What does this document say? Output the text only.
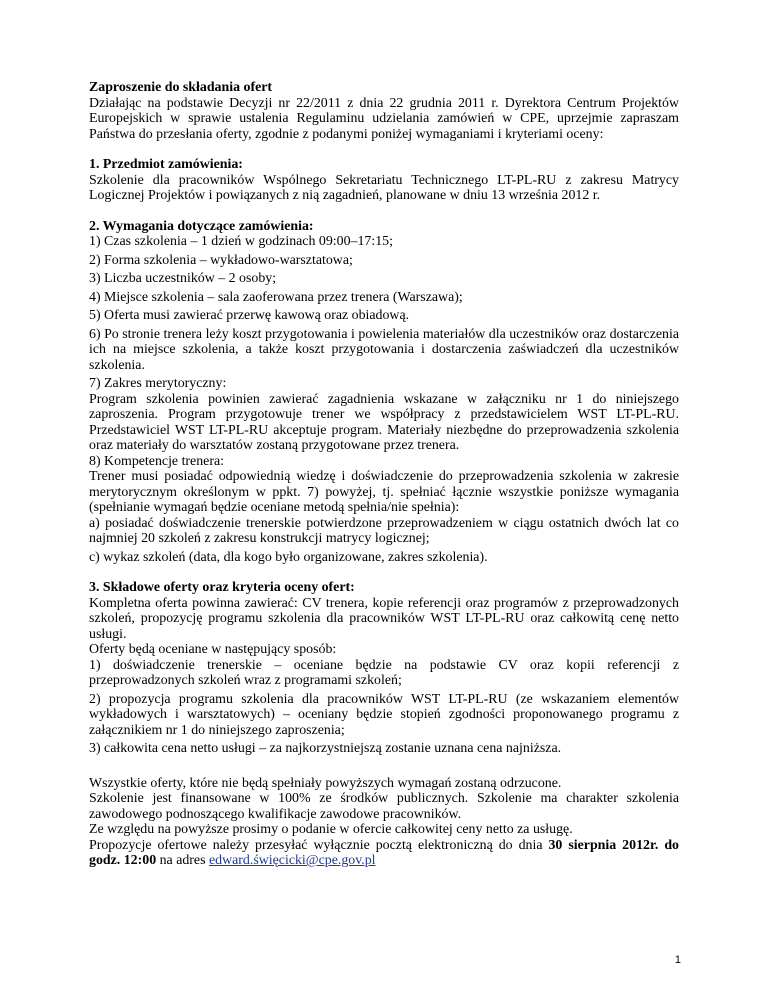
Zaproszenie do składania ofert

Działając na podstawie Decyzji nr 22/2011 z dnia 22 grudnia 2011 r. Dyrektora Centrum Projektów Europejskich w sprawie ustalenia Regulaminu udzielania zamówień w CPE, uprzejmie zapraszam Państwa do przesłania oferty, zgodnie z podanymi poniżej wymaganiami i kryteriami oceny:

1. Przedmiot zamówienia:

Szkolenie dla pracowników Wspólnego Sekretariatu Technicznego LT-PL-RU z zakresu Matrycy Logicznej Projektów i powiązanych z nią zagadnień, planowane w dniu 13 września 2012 r.

2. Wymagania dotyczące zamówienia:

1) Czas szkolenia – 1 dzień w godzinach 09:00–17:15;

2) Forma szkolenia – wykładowo-warsztatowa;

3) Liczba uczestników – 2 osoby;

4) Miejsce szkolenia – sala zaoferowana przez trenera (Warszawa);

5) Oferta musi zawierać przerwę kawową oraz obiadową.

6) Po stronie trenera leży koszt przygotowania i powielenia materiałów dla uczestników oraz dostarczenia ich na miejsce szkolenia, a także koszt przygotowania i dostarczenia zaświadczeń dla uczestników szkolenia.

7) Zakres merytoryczny:

Program szkolenia powinien zawierać zagadnienia wskazane w załączniku nr 1 do niniejszego zaproszenia. Program przygotowuje trener we współpracy z przedstawicielem WST LT-PL-RU. Przedstawiciel WST LT-PL-RU akceptuje program. Materiały niezbędne do przeprowadzenia szkolenia oraz materiały do warsztatów zostaną przygotowane przez trenera.

8) Kompetencje trenera:

Trener musi posiadać odpowiednią wiedzę i doświadczenie do przeprowadzenia szkolenia w zakresie merytorycznym określonym w ppkt. 7) powyżej, tj. spełniać łącznie wszystkie poniższe wymagania (spełnianie wymagań będzie oceniane metodą spełnia/nie spełnia):

a) posiadać doświadczenie trenerskie potwierdzone przeprowadzeniem w ciągu ostatnich dwóch lat co najmniej 20 szkoleń z zakresu konstrukcji matrycy logicznej;

c) wykaz szkoleń (data, dla kogo było organizowane, zakres szkolenia).

3. Składowe oferty oraz kryteria oceny ofert:

Kompletna oferta powinna zawierać: CV trenera, kopie referencji oraz programów z przeprowadzonych szkoleń, propozycję programu szkolenia dla pracowników WST LT-PL-RU oraz całkowitą cenę netto usługi.

Oferty będą oceniane w następujący sposób:

1) doświadczenie trenerskie – oceniane będzie na podstawie CV oraz kopii referencji z przeprowadzonych szkoleń wraz z programami szkoleń;

2) propozycja programu szkolenia dla pracowników WST LT-PL-RU (ze wskazaniem elementów wykładowych i warsztatowych) – oceniany będzie stopień zgodności proponowanego programu z załącznikiem nr 1 do niniejszego zaproszenia;

3) całkowita cena netto usługi – za najkorzystniejszą zostanie uznana cena najniższa.

Wszystkie oferty, które nie będą spełniały powyższych wymagań zostaną odrzucone.

Szkolenie jest finansowane w 100% ze środków publicznych. Szkolenie ma charakter szkolenia zawodowego podnoszącego kwalifikacje zawodowe pracowników.

Ze względu na powyższe prosimy o podanie w ofercie całkowitej ceny netto za usługę.

Propozycje ofertowe należy przesyłać wyłącznie pocztą elektroniczną do dnia 30 sierpnia 2012r. do godz. 12:00 na adres edward.święcicki@cpe.gov.pl

1
